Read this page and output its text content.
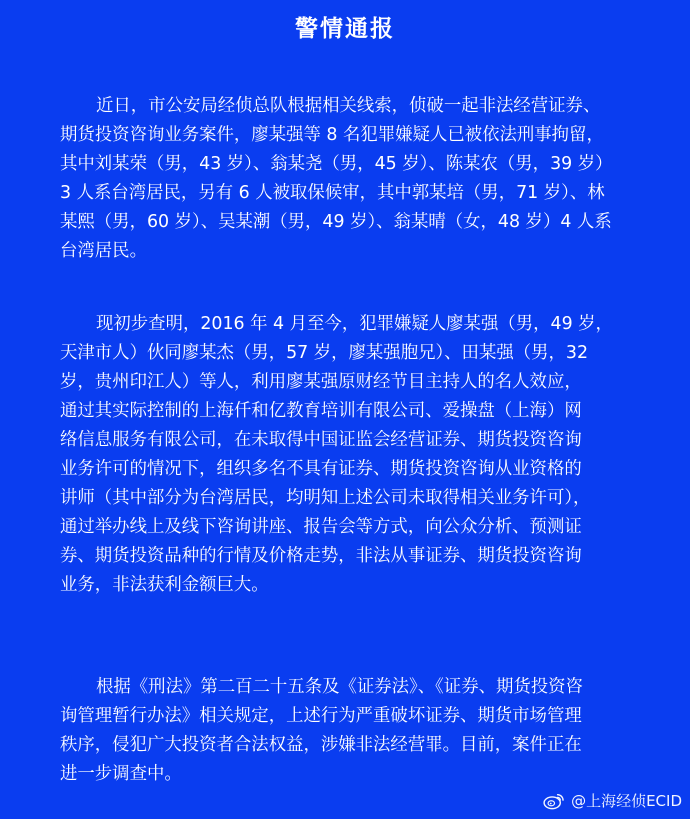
警情通报
近日，市公安局经侦总队根据相关线索，侦破一起非法经营证券、
期货投资咨询业务案件，廖某强等 8 名犯罪嫌疑人已被依法刑事拘留，
其中刘某荣（男，43 岁）、翁某尧（男，45 岁）、陈某农（男，39 岁）
3 人系台湾居民，另有 6 人被取保候审，其中郭某培（男，71 岁）、林
某熙（男，60 岁）、吴某潮（男，49 岁）、翁某晴（女，48 岁）4 人系
台湾居民。
现初步查明，2016 年 4 月至今，犯罪嫌疑人廖某强（男，49 岁，
天津市人）伙同廖某杰（男，57 岁，廖某强胞兄）、田某强（男，32
岁，贵州印江人）等人，利用廖某强原财经节目主持人的名人效应，
通过其实际控制的上海仟和亿教育培训有限公司、爱操盘（上海）网
络信息服务有限公司，在未取得中国证监会经营证券、期货投资咨询
业务许可的情况下，组织多名不具有证券、期货投资咨询从业资格的
讲师（其中部分为台湾居民，均明知上述公司未取得相关业务许可），
通过举办线上及线下咨询讲座、报告会等方式，向公众分析、预测证
券、期货投资品种的行情及价格走势，非法从事证券、期货投资咨询
业务，非法获利金额巨大。
根据《刑法》第二百二十五条及《证券法》、《证券、期货投资咨
询管理暂行办法》相关规定，上述行为严重破坏证券、期货市场管理
秩序，侵犯广大投资者合法权益，涉嫌非法经营罪。目前，案件正在
进一步调查中。
@上海经侦ECID
